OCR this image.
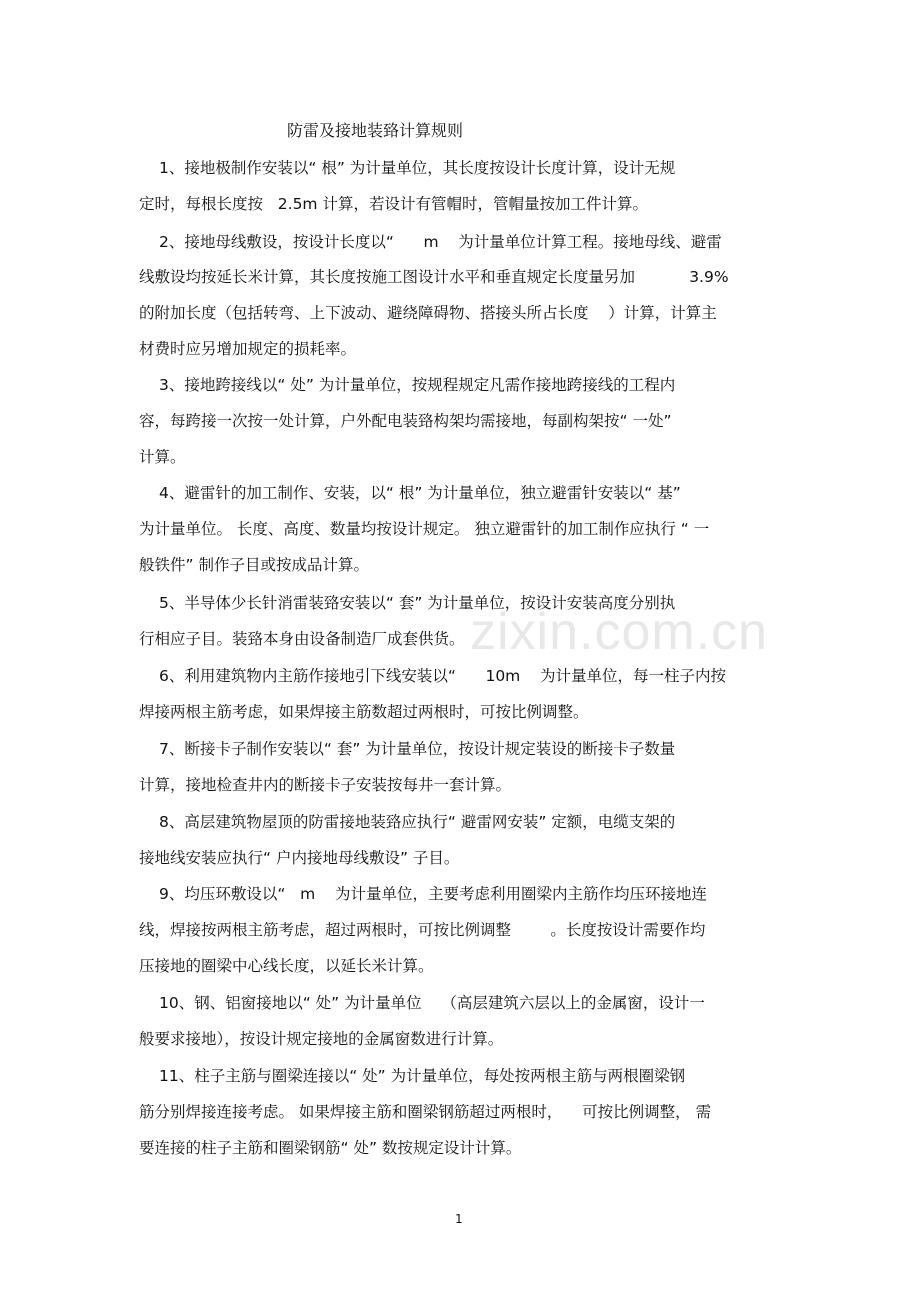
zixin.com.cn
防雷及接地装臵计算规则
1、接地极制作安装以“ 根” 为计量单位，其长度按设计长度计算，设计无规
定时，每根长度按   2.5m 计算，若设计有管帽时，管帽量按加工件计算。
2、接地母线敷设，按设计长度以“      m    为计量单位计算工程。接地母线、避雷
线敷设均按延长米计算，其长度按施工图设计水平和垂直规定长度量另加           3.9%
的附加长度（包括转弯、上下波动、避绕障碍物、搭接头所占长度    ）计算，计算主
材费时应另增加规定的损耗率。
3、接地跨接线以“ 处” 为计量单位，按规程规定凡需作接地跨接线的工程内
容，每跨接一次按一处计算，户外配电装臵构架均需接地，每副构架按“ 一处”
计算。
4、避雷针的加工制作、安装，以“ 根” 为计量单位，独立避雷针安装以“ 基”
为计量单位。 长度、高度、数量均按设计规定。 独立避雷针的加工制作应执行 “ 一
般铁件” 制作子目或按成品计算。
5、半导体少长针消雷装臵安装以“ 套” 为计量单位，按设计安装高度分别执
行相应子目。装臵本身由设备制造厂成套供货。
6、利用建筑物内主筋作接地引下线安装以“      10m    为计量单位，每一柱子内按
焊接两根主筋考虑，如果焊接主筋数超过两根时，可按比例调整。
7、断接卡子制作安装以“ 套” 为计量单位，按设计规定装设的断接卡子数量
计算，接地检查井内的断接卡子安装按每井一套计算。
8、高层建筑物屋顶的防雷接地装臵应执行“ 避雷网安装” 定额，电缆支架的
接地线安装应执行“ 户内接地母线敷设” 子目。
9、均压环敷设以“   m    为计量单位，主要考虑利用圈梁内主筋作均压环接地连
线，焊接按两根主筋考虑，超过两根时，可按比例调整        。长度按设计需要作均
压接地的圈梁中心线长度，以延长米计算。
10、钢、铝窗接地以“ 处” 为计量单位    （高层建筑六层以上的金属窗，设计一
般要求接地），按设计规定接地的金属窗数进行计算。
11、柱子主筋与圈梁连接以“ 处” 为计量单位，每处按两根主筋与两根圈梁钢
筋分别焊接连接考虑。 如果焊接主筋和圈梁钢筋超过两根时，    可按比例调整， 需
要连接的柱子主筋和圈梁钢筋“ 处” 数按规定设计计算。
1
